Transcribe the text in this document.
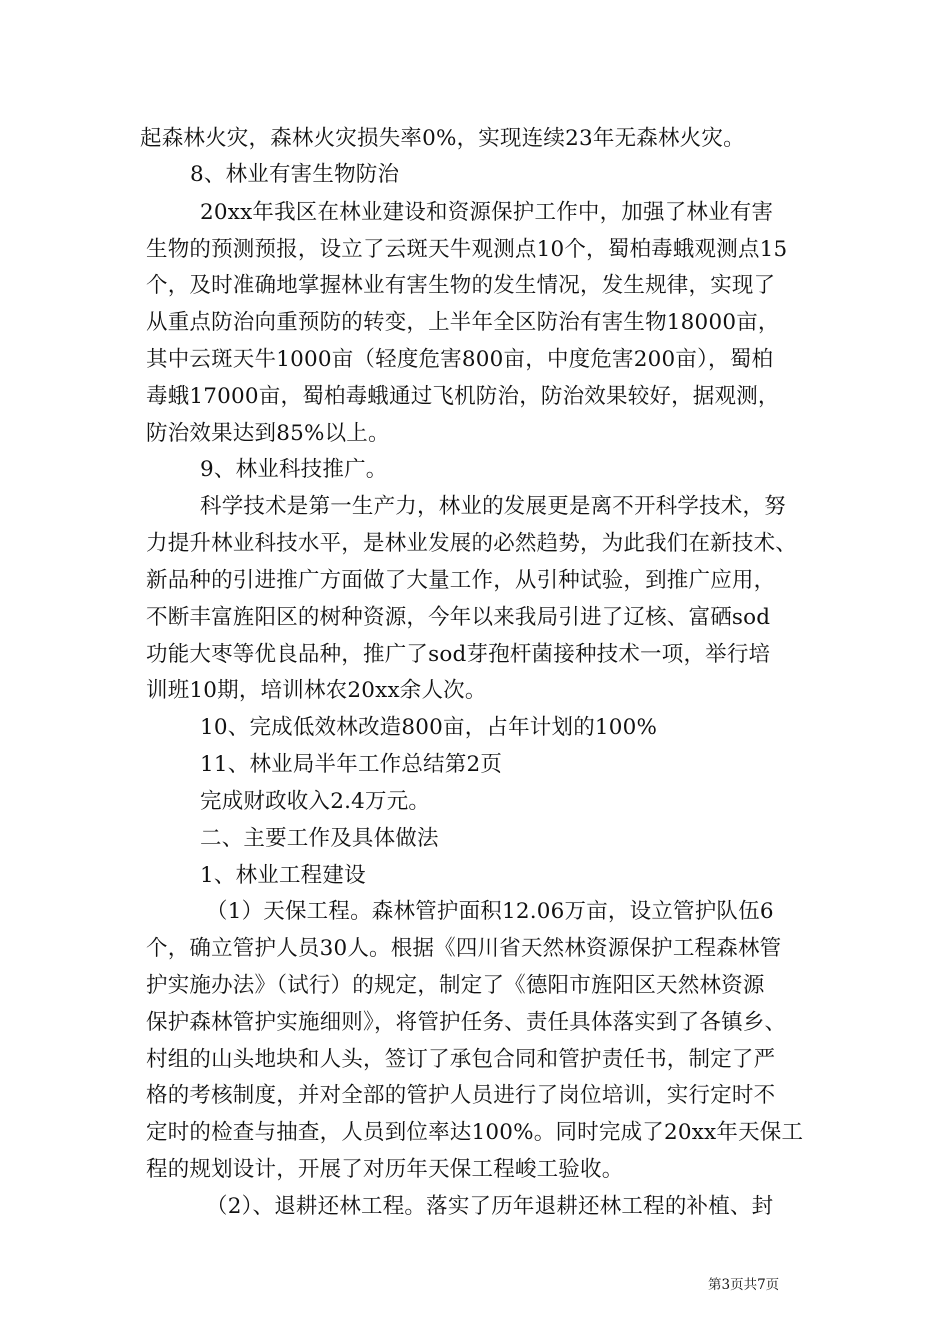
起森林火灾，森林火灾损失率0%，实现连续23年无森林火灾。
8、林业有害生物防治
20xx年我区在林业建设和资源保护工作中，加强了林业有害
生物的预测预报，设立了云斑天牛观测点10个，蜀柏毒蛾观测点15
个，及时准确地掌握林业有害生物的发生情况，发生规律，实现了
从重点防治向重预防的转变，上半年全区防治有害生物18000亩，
其中云斑天牛1000亩（轻度危害800亩，中度危害200亩），蜀柏
毒蛾17000亩，蜀柏毒蛾通过飞机防治，防治效果较好，据观测，
防治效果达到85%以上。
9、林业科技推广。
科学技术是第一生产力，林业的发展更是离不开科学技术，努
力提升林业科技水平，是林业发展的必然趋势，为此我们在新技术、
新品种的引进推广方面做了大量工作，从引种试验，到推广应用，
不断丰富旌阳区的树种资源，今年以来我局引进了辽核、富硒sod
功能大枣等优良品种，推广了sod芽孢杆菌接种技术一项，举行培
训班10期，培训林农20xx余人次。
10、完成低效林改造800亩，占年计划的100%
11、林业局半年工作总结第2页
完成财政收入2.4万元。
二、主要工作及具体做法
1、林业工程建设
（1）天保工程。森林管护面积12.06万亩，设立管护队伍6
个，确立管护人员30人。根据《四川省天然林资源保护工程森林管
护实施办法》（试行）的规定，制定了《德阳市旌阳区天然林资源
保护森林管护实施细则》，将管护任务、责任具体落实到了各镇乡、
村组的山头地块和人头，签订了承包合同和管护责任书，制定了严
格的考核制度，并对全部的管护人员进行了岗位培训，实行定时不
定时的检查与抽查，人员到位率达100%。同时完成了20xx年天保工
程的规划设计，开展了对历年天保工程峻工验收。
（2）、退耕还林工程。落实了历年退耕还林工程的补植、封
第3页共7页
